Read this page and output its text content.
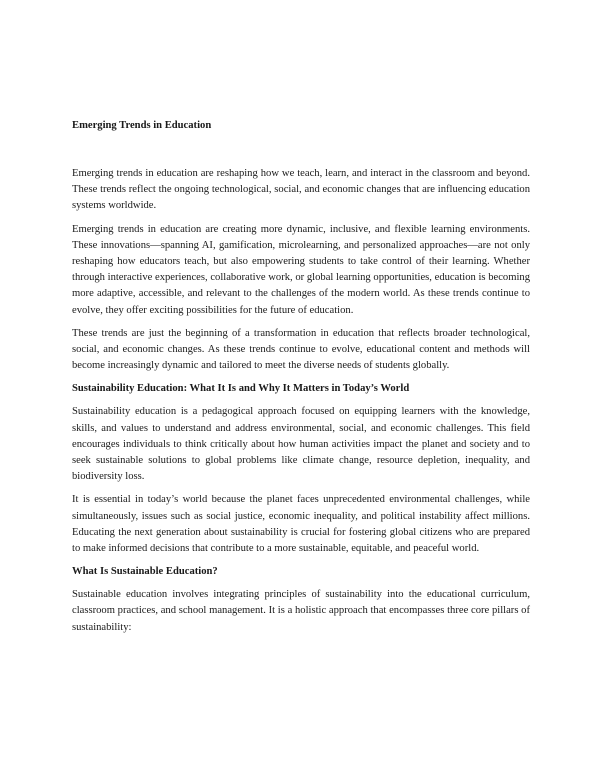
Emerging Trends in Education

Emerging trends in education are reshaping how we teach, learn, and interact in the classroom and beyond. These trends reflect the ongoing technological, social, and economic changes that are influencing education systems worldwide.

Emerging trends in education are creating more dynamic, inclusive, and flexible learning environments. These innovations—spanning AI, gamification, microlearning, and personalized approaches—are not only reshaping how educators teach, but also empowering students to take control of their learning. Whether through interactive experiences, collaborative work, or global learning opportunities, education is becoming more adaptive, accessible, and relevant to the challenges of the modern world. As these trends continue to evolve, they offer exciting possibilities for the future of education.

These trends are just the beginning of a transformation in education that reflects broader technological, social, and economic changes. As these trends continue to evolve, educational content and methods will become increasingly dynamic and tailored to meet the diverse needs of students globally.

Sustainability Education: What It Is and Why It Matters in Today’s World

Sustainability education is a pedagogical approach focused on equipping learners with the knowledge, skills, and values to understand and address environmental, social, and economic challenges. This field encourages individuals to think critically about how human activities impact the planet and society and to seek sustainable solutions to global problems like climate change, resource depletion, inequality, and biodiversity loss.

It is essential in today’s world because the planet faces unprecedented environmental challenges, while simultaneously, issues such as social justice, economic inequality, and political instability affect millions. Educating the next generation about sustainability is crucial for fostering global citizens who are prepared to make informed decisions that contribute to a more sustainable, equitable, and peaceful world.

What Is Sustainable Education?

Sustainable education involves integrating principles of sustainability into the educational curriculum, classroom practices, and school management. It is a holistic approach that encompasses three core pillars of sustainability:
